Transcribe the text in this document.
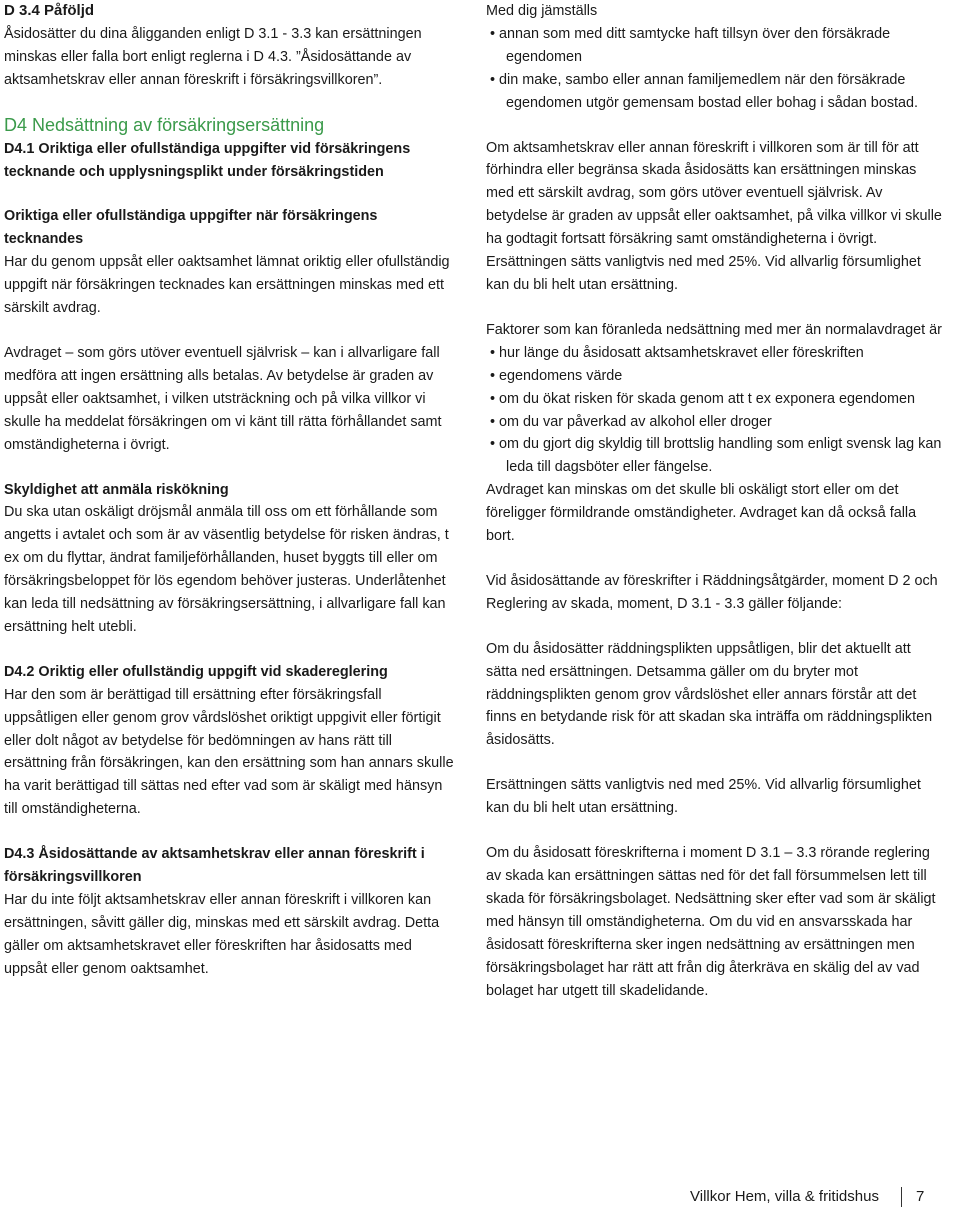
D 3.4 Påföljd

Åsidosätter du dina åligganden enligt D 3.1 - 3.3 kan ersättningen minskas eller falla bort enligt reglerna i D 4.3. ”Åsidosättande av aktsamhetskrav eller annan föreskrift i försäkringsvillkoren”.

D4 Nedsättning av försäkringsersättning

D4.1 Oriktiga eller ofullständiga uppgifter vid försäkringens tecknande och upplysningsplikt under försäkringstiden

Oriktiga eller ofullständiga uppgifter när försäkringens tecknandes

Har du genom uppsåt eller oaktsamhet lämnat oriktig eller ofullständig uppgift när försäkringen tecknades kan ersättningen minskas med ett särskilt avdrag.

Avdraget – som görs utöver eventuell självrisk – kan i allvarligare fall medföra att ingen ersättning alls betalas. Av betydelse är graden av uppsåt eller oaktsamhet, i vilken utsträckning och på vilka villkor vi skulle ha meddelat försäkringen om vi känt till rätta förhållandet samt omständigheterna i övrigt.

Skyldighet att anmäla riskökning

Du ska utan oskäligt dröjsmål anmäla till oss om ett förhållande som angetts i avtalet och som är av väsentlig betydelse för risken ändras, t ex om du flyttar, ändrat familjeförhållanden, huset byggts till eller om försäkringsbeloppet för lös egendom behöver justeras. Underlåtenhet kan leda till nedsättning av försäkringsersättning, i allvarligare fall kan ersättning helt utebli.

D4.2 Oriktig eller ofullständig uppgift vid skadereglering

Har den som är berättigad till ersättning efter försäkringsfall uppsåtligen eller genom grov vårdslöshet oriktigt uppgivit eller förtigit eller dolt något av betydelse för bedömningen av hans rätt till ersättning från försäkringen, kan den ersättning som han annars skulle ha varit berättigad till sättas ned efter vad som är skäligt med hänsyn till omständigheterna.

D4.3 Åsidosättande av aktsamhetskrav eller annan föreskrift i försäkringsvillkoren

Har du inte följt aktsamhetskrav eller annan föreskrift i villkoren kan ersättningen, såvitt gäller dig, minskas med ett särskilt avdrag. Detta gäller om aktsamhetskravet eller föreskriften har åsidosatts med uppsåt eller genom oaktsamhet.

Med dig jämställs

• annan som med ditt samtycke haft tillsyn över den försäkrade egendomen

• din make, sambo eller annan familjemedlem när den försäkrade egendomen utgör gemensam bostad eller bohag i sådan bostad.

Om aktsamhetskrav eller annan föreskrift i villkoren som är till för att förhindra eller begränsa skada åsidosätts kan ersättningen minskas med ett särskilt avdrag, som görs utöver eventuell självrisk. Av betydelse är graden av uppsåt eller oaktsamhet, på vilka villkor vi skulle ha godtagit fortsatt försäkring samt omständigheterna i övrigt.

Ersättningen sätts vanligtvis ned med 25%. Vid allvarlig försumlighet kan du bli helt utan ersättning.

Faktorer som kan föranleda nedsättning med mer än normalavdraget är

• hur länge du åsidosatt aktsamhetskravet eller föreskriften

• egendomens värde

• om du ökat risken för skada genom att t ex exponera egendomen

• om du var påverkad av alkohol eller droger

• om du gjort dig skyldig till brottslig handling som enligt svensk lag kan leda till dagsböter eller fängelse.

Avdraget kan minskas om det skulle bli oskäligt stort eller om det föreligger förmildrande omständigheter. Avdraget kan då också falla bort.

Vid åsidosättande av föreskrifter i Räddningsåtgärder, moment D 2 och Reglering av skada, moment, D 3.1 - 3.3 gäller följande:

Om du åsidosätter räddningsplikten uppsåtligen, blir det aktuellt att sätta ned ersättningen. Detsamma gäller om du bryter mot räddningsplikten genom grov vårdslöshet eller annars förstår att det finns en betydande risk för att skadan ska inträffa om räddningsplikten åsidosätts.

Ersättningen sätts vanligtvis ned med 25%. Vid allvarlig försumlighet kan du bli helt utan ersättning.

Om du åsidosatt föreskrifterna i moment D 3.1 – 3.3 rörande reglering av skada kan ersättningen sättas ned för det fall försummelsen lett till skada för försäkringsbolaget. Nedsättning sker efter vad som är skäligt med hänsyn till omständigheterna. Om du vid en ansvarsskada har åsidosatt föreskrifterna sker ingen nedsättning av ersättningen men försäkringsbolaget har rätt att från dig återkräva en skälig del av vad bolaget har utgett till skadelidande.

Villkor Hem, villa & fritidshus 7
